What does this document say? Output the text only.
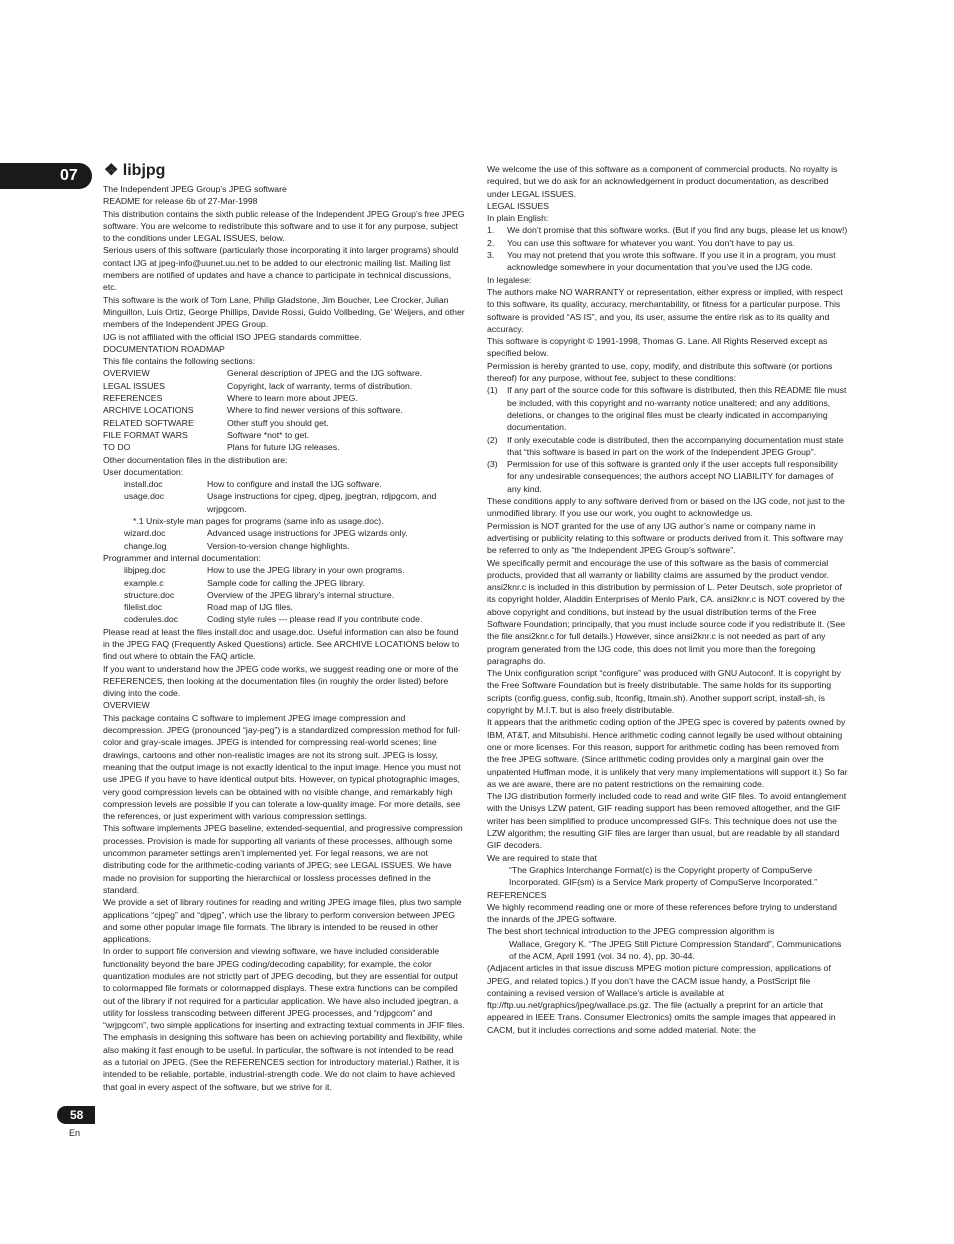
07 ❖ libjpg

The Independent JPEG Group’s JPEG software

README for release 6b of 27-Mar-1998

This distribution contains the sixth public release of the Independent JPEG Group’s free JPEG software. You are welcome to redistribute this software and to use it for any purpose, subject to the conditions under LEGAL ISSUES, below.

Serious users of this software (particularly those incorporating it into larger programs) should contact IJG at jpeg-info@uunet.uu.net to be added to our electronic mailing list. Mailing list members are notified of updates and have a chance to participate in technical discussions, etc.

This software is the work of Tom Lane, Philip Gladstone, Jim Boucher, Lee Crocker, Julian Minguillon, Luis Ortiz, George Phillips, Davide Rossi, Guido Vollbeding, Ge’ Weijers, and other members of the Independent JPEG Group.

IJG is not affiliated with the official ISO JPEG standards committee.

DOCUMENTATION ROADMAP

This file contains the following sections:

OVERVIEW	General description of JPEG and the IJG software.
LEGAL ISSUES	Copyright, lack of warranty, terms of distribution.
REFERENCES	Where to learn more about JPEG.
ARCHIVE LOCATIONS	Where to find newer versions of this software.
RELATED SOFTWARE	Other stuff you should get.
FILE FORMAT WARS	Software *not* to get.
TO DO	Plans for future IJG releases.

Other documentation files in the distribution are:

User documentation:

install.doc	How to configure and install the IJG software.
usage.doc	Usage instructions for cjpeg, djpeg, jpegtran, rdjpgcom, and wrjpgcom.

*.1 Unix-style man pages for programs (same info as usage.doc).

wizard.doc	Advanced usage instructions for JPEG wizards only.
change.log	Version-to-version change highlights.

Programmer and internal documentation:

libjpeg.doc	How to use the JPEG library in your own programs.
example.c	Sample code for calling the JPEG library.
structure.doc	Overview of the JPEG library’s internal structure.
filelist.doc	Road map of IJG files.
coderules.doc	Coding style rules --- please read if you contribute code.

Please read at least the files install.doc and usage.doc. Useful information can also be found in the JPEG FAQ (Frequently Asked Questions) article. See ARCHIVE LOCATIONS below to find out where to obtain the FAQ article.

If you want to understand how the JPEG code works, we suggest reading one or more of the REFERENCES, then looking at the documentation files (in roughly the order listed) before diving into the code.

OVERVIEW

This package contains C software to implement JPEG image compression and decompression. JPEG (pronounced “jay-peg”) is a standardized compression method for full-color and gray-scale images. JPEG is intended for compressing real-world scenes; line drawings, cartoons and other non-realistic images are not its strong suit. JPEG is lossy, meaning that the output image is not exactly identical to the input image. Hence you must not use JPEG if you have to have identical output bits. However, on typical photographic images, very good compression levels can be obtained with no visible change, and remarkably high compression levels are possible if you can tolerate a low-quality image. For more details, see the references, or just experiment with various compression settings.

This software implements JPEG baseline, extended-sequential, and progressive compression processes. Provision is made for supporting all variants of these processes, although some uncommon parameter settings aren’t implemented yet. For legal reasons, we are not distributing code for the arithmetic-coding variants of JPEG; see LEGAL ISSUES. We have made no provision for supporting the hierarchical or lossless processes defined in the standard.

We provide a set of library routines for reading and writing JPEG image files, plus two sample applications “cjpeg” and “djpeg”, which use the library to perform conversion between JPEG and some other popular image file formats. The library is intended to be reused in other applications.

In order to support file conversion and viewing software, we have included considerable functionality beyond the bare JPEG coding/decoding capability; for example, the color quantization modules are not strictly part of JPEG decoding, but they are essential for output to colormapped file formats or colormapped displays. These extra functions can be compiled out of the library if not required for a particular application. We have also included jpegtran, a utility for lossless transcoding between different JPEG processes, and “rdjpgcom” and “wrjpgcom”, two simple applications for inserting and extracting textual comments in JFIF files.

The emphasis in designing this software has been on achieving portability and flexibility, while also making it fast enough to be useful. In particular, the software is not intended to be read as a tutorial on JPEG. (See the REFERENCES section for introductory material.) Rather, it is intended to be reliable, portable, industrial-strength code. We do not claim to have achieved that goal in every aspect of the software, but we strive for it.

We welcome the use of this software as a component of commercial products. No royalty is required, but we do ask for an acknowledgement in product documentation, as described under LEGAL ISSUES.

LEGAL ISSUES

In plain English:

1.	We don’t promise that this software works. (But if you find any bugs, please let us know!)
2.	You can use this software for whatever you want. You don’t have to pay us.
3.	You may not pretend that you wrote this software. If you use it in a program, you must acknowledge somewhere in your documentation that you’ve used the IJG code.

In legalese:

The authors make NO WARRANTY or representation, either express or implied, with respect to this software, its quality, accuracy, merchantability, or fitness for a particular purpose. This software is provided “AS IS”, and you, its user, assume the entire risk as to its quality and accuracy.

This software is copyright © 1991-1998, Thomas G. Lane. All Rights Reserved except as specified below.

Permission is hereby granted to use, copy, modify, and distribute this software (or portions thereof) for any purpose, without fee, subject to these conditions:

(1)	If any part of the source code for this software is distributed, then this README file must be included, with this copyright and no-warranty notice unaltered; and any additions, deletions, or changes to the original files must be clearly indicated in accompanying documentation.
(2)	If only executable code is distributed, then the accompanying documentation must state that “this software is based in part on the work of the Independent JPEG Group”.
(3)	Permission for use of this software is granted only if the user accepts full responsibility for any undesirable consequences; the authors accept NO LIABILITY for damages of any kind.

These conditions apply to any software derived from or based on the IJG code, not just to the unmodified library. If you use our work, you ought to acknowledge us.

Permission is NOT granted for the use of any IJG author’s name or company name in advertising or publicity relating to this software or products derived from it. This software may be referred to only as “the Independent JPEG Group’s software”.

We specifically permit and encourage the use of this software as the basis of commercial products, provided that all warranty or liability claims are assumed by the product vendor.

ansi2knr.c is included in this distribution by permission of L. Peter Deutsch, sole proprietor of its copyright holder, Aladdin Enterprises of Menlo Park, CA. ansi2knr.c is NOT covered by the above copyright and conditions, but instead by the usual distribution terms of the Free Software Foundation; principally, that you must include source code if you redistribute it. (See the file ansi2knr.c for full details.) However, since ansi2knr.c is not needed as part of any program generated from the IJG code, this does not limit you more than the foregoing paragraphs do.

The Unix configuration script “configure” was produced with GNU Autoconf. It is copyright by the Free Software Foundation but is freely distributable. The same holds for its supporting scripts (config.guess, config.sub, ltconfig, ltmain.sh). Another support script, install-sh, is copyright by M.I.T. but is also freely distributable.

It appears that the arithmetic coding option of the JPEG spec is covered by patents owned by IBM, AT&T, and Mitsubishi. Hence arithmetic coding cannot legally be used without obtaining one or more licenses. For this reason, support for arithmetic coding has been removed from the free JPEG software. (Since arithmetic coding provides only a marginal gain over the unpatented Huffman mode, it is unlikely that very many implementations will support it.) So far as we are aware, there are no patent restrictions on the remaining code.

The IJG distribution formerly included code to read and write GIF files. To avoid entanglement with the Unisys LZW patent, GIF reading support has been removed altogether, and the GIF writer has been simplified to produce uncompressed GIFs. This technique does not use the LZW algorithm; the resulting GIF files are larger than usual, but are readable by all standard GIF decoders.

We are required to state that

“The Graphics Interchange Format(c) is the Copyright property of CompuServe Incorporated. GIF(sm) is a Service Mark property of CompuServe Incorporated.”

REFERENCES

We highly recommend reading one or more of these references before trying to understand the innards of the JPEG software.

The best short technical introduction to the JPEG compression algorithm is

Wallace, Gregory K. “The JPEG Still Picture Compression Standard”, Communications of the ACM, April 1991 (vol. 34 no. 4), pp. 30-44.

(Adjacent articles in that issue discuss MPEG motion picture compression, applications of JPEG, and related topics.) If you don’t have the CACM issue handy, a PostScript file containing a revised version of Wallace’s article is available at ftp://ftp.uu.net/graphics/jpeg/wallace.ps.gz. The file (actually a preprint for an article that appeared in IEEE Trans. Consumer Electronics) omits the sample images that appeared in CACM, but it includes corrections and some added material. Note: the

58
En
